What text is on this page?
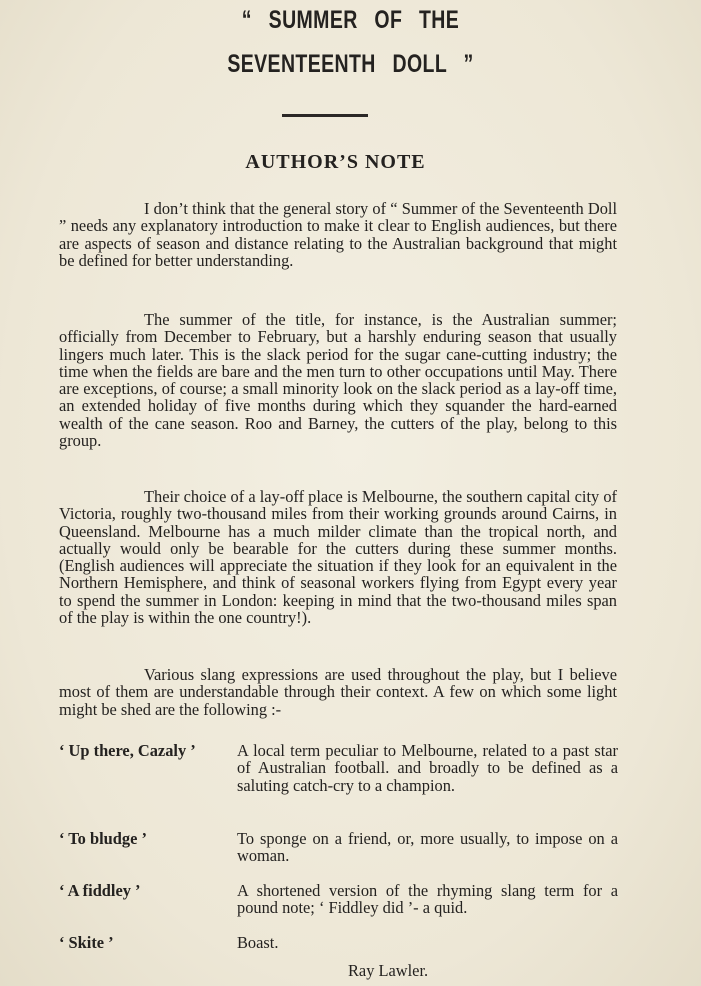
“ SUMMER OF THE
SEVENTEENTH DOLL ”
AUTHOR’S NOTE

I don’t think that the general story of “ Summer of the Seventeenth Doll ” needs any explanatory introduction to make it clear to English audiences, but there are aspects of season and distance relating to the Australian background that might be defined for better understanding.

The summer of the title, for instance, is the Australian summer; officially from December to February, but a harshly enduring season that usually lingers much later. This is the slack period for the sugar cane-cutting industry; the time when the fields are bare and the men turn to other occupations until May. There are exceptions, of course; a small minority look on the slack period as a lay-off time, an extended holiday of five months during which they squander the hard-earned wealth of the cane season. Roo and Barney, the cutters of the play, belong to this group.

Their choice of a lay-off place is Melbourne, the southern capital city of Victoria, roughly two-thousand miles from their working grounds around Cairns, in Queensland. Melbourne has a much milder climate than the tropical north, and actually would only be bearable for the cutters during these summer months. (English audiences will appreciate the situation if they look for an equivalent in the Northern Hemisphere, and think of seasonal workers flying from Egypt every year to spend the summer in London: keeping in mind that the two-thousand miles span of the play is within the one country!).

Various slang expressions are used throughout the play, but I believe most of them are understandable through their context. A few on which some light might be shed are the following :-

‘ Up there, Cazaly ’	A local term peculiar to Melbourne, related to a past star of Australian football. and broadly to be defined as a saluting catch-cry to a champion.
‘ To bludge ’	To sponge on a friend, or, more usually, to impose on a woman.
‘ A fiddley ’	A shortened version of the rhyming slang term for a pound note; ‘ Fiddley did ’- a quid.
‘ Skite ’	Boast.
Ray Lawler.
